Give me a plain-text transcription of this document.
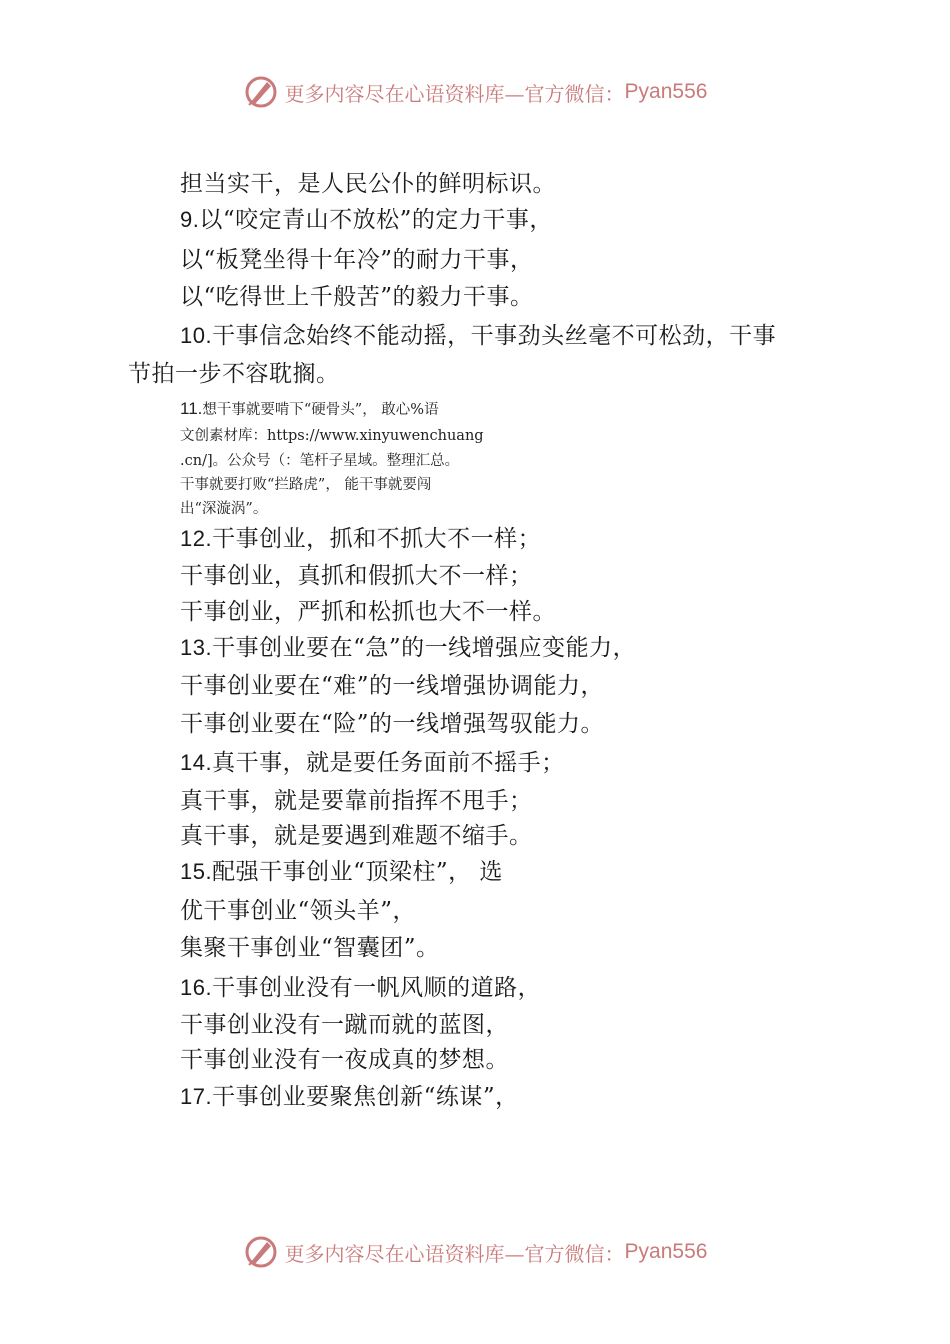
更多内容尽在心语资料库—官方微信： Pyan556
担当实干，是人民公仆的鲜明标识。
9.以“咬定青山不放松”的定力干事，
以“板凳坐得十年冷”的耐力干事，
以“吃得世上千般苦”的毅力干事。
10.干事信念始终不能动摇，干事劲头丝毫不可松劲，干事
节拍一步不容耽搁。
11.想干事就要啃下“硬骨头”， 敢心%语
文创素材库：https://www.xinyuwenchuang
.cn/]。公众号（：笔杆子星域。整理汇总。
干事就要打败“拦路虎”， 能干事就要闯
出“深漩涡”。
12.干事创业，抓和不抓大不一样；
干事创业，真抓和假抓大不一样；
干事创业，严抓和松抓也大不一样。
13.干事创业要在“急”的一线增强应变能力，
干事创业要在“难”的一线增强协调能力，
干事创业要在“险”的一线增强驾驭能力。
14.真干事，就是要任务面前不摇手；
真干事，就是要靠前指挥不甩手；
真干事，就是要遇到难题不缩手。
15.配强干事创业“顶梁柱”， 选
优干事创业“领头羊”，
集聚干事创业“智囊团”。
16.干事创业没有一帆风顺的道路，
干事创业没有一蹴而就的蓝图，
干事创业没有一夜成真的梦想。
17.干事创业要聚焦创新“练谋”，
更多内容尽在心语资料库—官方微信： Pyan556
